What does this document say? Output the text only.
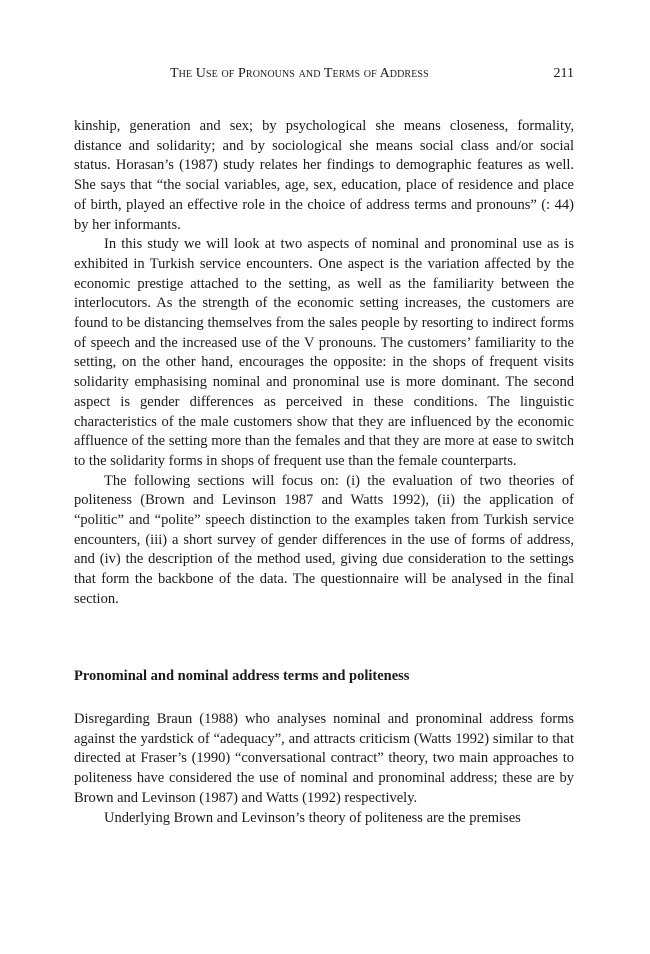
The Use of Pronouns and Terms of Address	211

kinship, generation and sex; by psychological she means closeness, formality, distance and solidarity; and by sociological she means social class and/or social status. Horasan’s (1987) study relates her findings to demographic features as well. She says that “the social variables, age, sex, education, place of residence and place of birth, played an effective role in the choice of address terms and pronouns” (: 44) by her informants.

In this study we will look at two aspects of nominal and pronominal use as is exhibited in Turkish service encounters. One aspect is the variation affected by the economic prestige attached to the setting, as well as the familiarity between the interlocutors. As the strength of the economic setting increases, the customers are found to be distancing themselves from the sales people by resorting to indirect forms of speech and the increased use of the V pronouns. The customers’ familiarity to the setting, on the other hand, encourages the opposite: in the shops of frequent visits solidarity emphasising nominal and pronominal use is more dominant. The second aspect is gender differences as perceived in these conditions. The linguistic characteristics of the male customers show that they are influenced by the economic affluence of the setting more than the females and that they are more at ease to switch to the solidarity forms in shops of frequent use than the female counterparts.

The following sections will focus on: (i) the evaluation of two theories of politeness (Brown and Levinson 1987 and Watts 1992), (ii) the application of “politic” and “polite” speech distinction to the examples taken from Turkish service encounters, (iii) a short survey of gender differences in the use of forms of address, and (iv) the description of the method used, giving due consideration to the settings that form the backbone of the data. The questionnaire will be analysed in the final section.

Pronominal and nominal address terms and politeness

Disregarding Braun (1988) who analyses nominal and pronominal address forms against the yardstick of “adequacy”, and attracts criticism (Watts 1992) similar to that directed at Fraser’s (1990) “conversational contract” theory, two main approaches to politeness have considered the use of nominal and pronominal address; these are by Brown and Levinson (1987) and Watts (1992) respectively.

Underlying Brown and Levinson’s theory of politeness are the premises
